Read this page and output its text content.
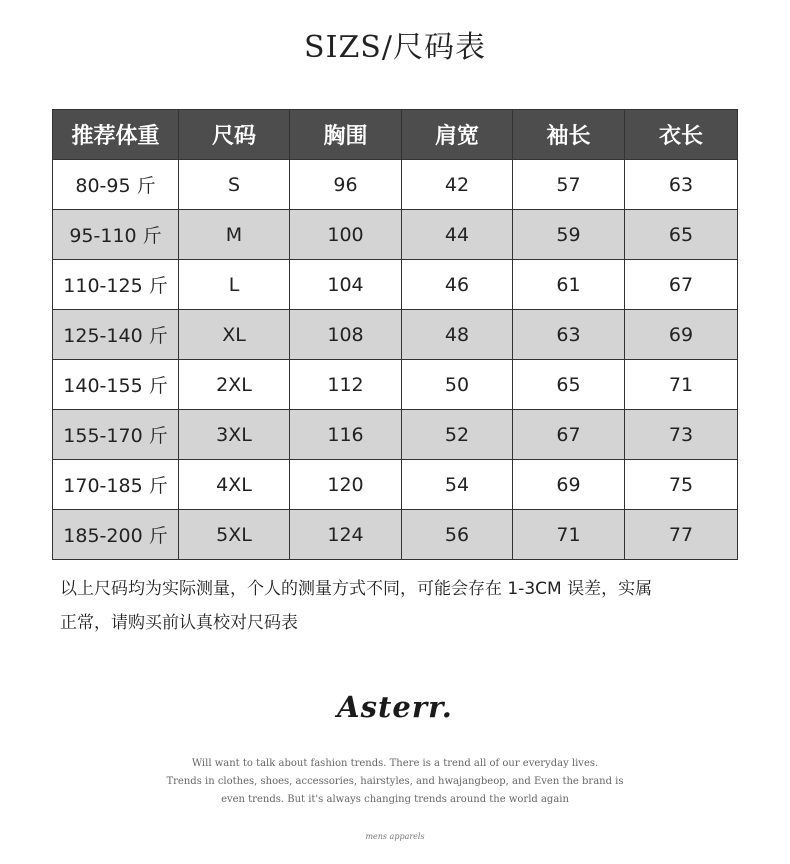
SIZS/尺码表
推荐体重	尺码	胸围	肩宽	袖长	衣长
80-95 斤	S	96	42	57	63
95-110 斤	M	100	44	59	65
110-125 斤	L	104	46	61	67
125-140 斤	XL	108	48	63	69
140-155 斤	2XL	112	50	65	71
155-170 斤	3XL	116	52	67	73
170-185 斤	4XL	120	54	69	75
185-200 斤	5XL	124	56	71	77
以上尺码均为实际测量，个人的测量方式不同，可能会存在 1-3CM 误差，实属
正常，请购买前认真校对尺码表
Asterr.
Will want to talk about fashion trends. There is a trend all of our everyday lives.
Trends in clothes, shoes, accessories, hairstyles, and hwajangbeop, and Even the brand is
even trends. But it's always changing trends around the world again
mens apparels
